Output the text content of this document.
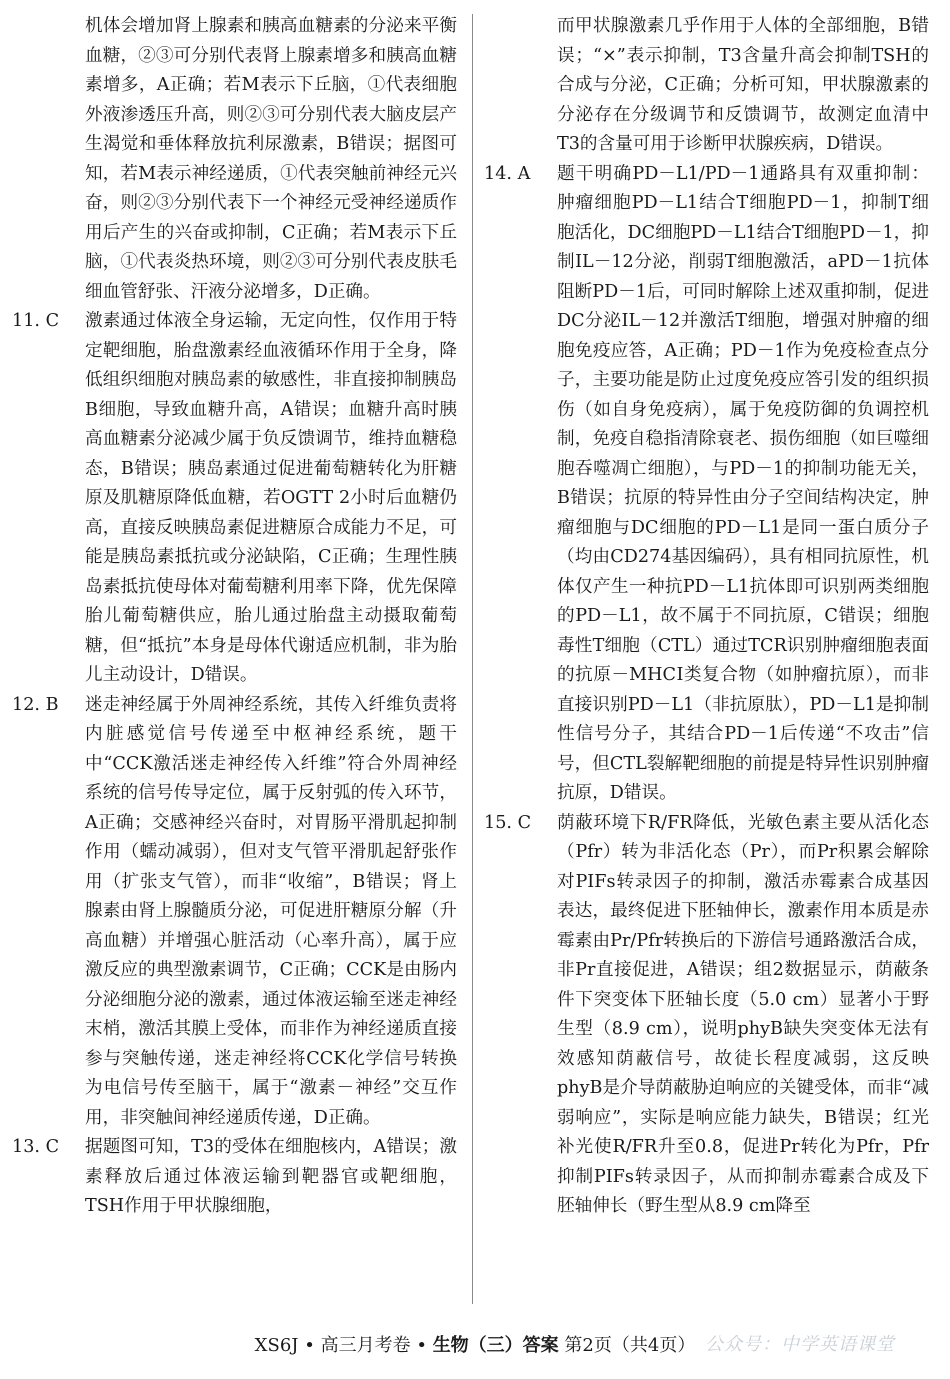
机体会增加肾上腺素和胰高血糖素的分泌来平衡血糖，②③可分别代表肾上腺素增多和胰高血糖素增多，A正确；若M表示下丘脑，①代表细胞外液渗透压升高，则②③可分别代表大脑皮层产生渴觉和垂体释放抗利尿激素，B错误；据图可知，若M表示神经递质，①代表突触前神经元兴奋，则②③分别代表下一个神经元受神经递质作用后产生的兴奋或抑制，C正确；若M表示下丘脑，①代表炎热环境，则②③可分别代表皮肤毛细血管舒张、汗液分泌增多，D正确。

11. C	激素通过体液全身运输，无定向性，仅作用于特定靶细胞，胎盘激素经血液循环作用于全身，降低组织细胞对胰岛素的敏感性，非直接抑制胰岛B细胞，导致血糖升高，A错误；血糖升高时胰高血糖素分泌减少属于负反馈调节，维持血糖稳态，B错误；胰岛素通过促进葡萄糖转化为肝糖原及肌糖原降低血糖，若OGTT 2小时后血糖仍高，直接反映胰岛素促进糖原合成能力不足，可能是胰岛素抵抗或分泌缺陷，C正确；生理性胰岛素抵抗使母体对葡萄糖利用率下降，优先保障胎儿葡萄糖供应，胎儿通过胎盘主动摄取葡萄糖，但“抵抗”本身是母体代谢适应机制，非为胎儿主动设计，D错误。

12. B	迷走神经属于外周神经系统，其传入纤维负责将内脏感觉信号传递至中枢神经系统，题干中“CCK激活迷走神经传入纤维”符合外周神经系统的信号传导定位，属于反射弧的传入环节，A正确；交感神经兴奋时，对胃肠平滑肌起抑制作用（蠕动减弱），但对支气管平滑肌起舒张作用（扩张支气管），而非“收缩”，B错误；肾上腺素由肾上腺髓质分泌，可促进肝糖原分解（升高血糖）并增强心脏活动（心率升高），属于应激反应的典型激素调节，C正确；CCK是由肠内分泌细胞分泌的激素，通过体液运输至迷走神经末梢，激活其膜上受体，而非作为神经递质直接参与突触传递，迷走神经将CCK化学信号转换为电信号传至脑干，属于“激素－神经”交互作用，非突触间神经递质传递，D正确。

13. C	据题图可知，T3的受体在细胞核内，A错误；激素释放后通过体液运输到靶器官或靶细胞，TSH作用于甲状腺细胞，

而甲状腺激素几乎作用于人体的全部细胞，B错误；“×”表示抑制，T3含量升高会抑制TSH的合成与分泌，C正确；分析可知，甲状腺激素的分泌存在分级调节和反馈调节，故测定血清中T3的含量可用于诊断甲状腺疾病，D错误。

14. A	题干明确PD－L1/PD－1通路具有双重抑制：肿瘤细胞PD－L1结合T细胞PD－1，抑制T细胞活化，DC细胞PD－L1结合T细胞PD－1，抑制IL－12分泌，削弱T细胞激活，aPD－1抗体阻断PD－1后，可同时解除上述双重抑制，促进DC分泌IL－12并激活T细胞，增强对肿瘤的细胞免疫应答，A正确；PD－1作为免疫检查点分子，主要功能是防止过度免疫应答引发的组织损伤（如自身免疫病），属于免疫防御的负调控机制，免疫自稳指清除衰老、损伤细胞（如巨噬细胞吞噬凋亡细胞），与PD－1的抑制功能无关，B错误；抗原的特异性由分子空间结构决定，肿瘤细胞与DC细胞的PD－L1是同一蛋白质分子（均由CD274基因编码），具有相同抗原性，机体仅产生一种抗PD－L1抗体即可识别两类细胞的PD－L1，故不属于不同抗原，C错误；细胞毒性T细胞（CTL）通过TCR识别肿瘤细胞表面的抗原－MHCⅠ类复合物（如肿瘤抗原），而非直接识别PD－L1（非抗原肽），PD－L1是抑制性信号分子，其结合PD－1后传递“不攻击”信号，但CTL裂解靶细胞的前提是特异性识别肿瘤抗原，D错误。

15. C	荫蔽环境下R/FR降低，光敏色素主要从活化态（Pfr）转为非活化态（Pr），而Pr积累会解除对PIFs转录因子的抑制，激活赤霉素合成基因表达，最终促进下胚轴伸长，激素作用本质是赤霉素由Pr/Pfr转换后的下游信号通路激活合成，非Pr直接促进，A错误；组2数据显示，荫蔽条件下突变体下胚轴长度（5.0 cm）显著小于野生型（8.9 cm），说明phyB缺失突变体无法有效感知荫蔽信号，故徒长程度减弱，这反映phyB是介导荫蔽胁迫响应的关键受体，而非“减弱响应”，实际是响应能力缺失，B错误；红光补光使R/FR升至0.8，促进Pr转化为Pfr，Pfr抑制PIFs转录因子，从而抑制赤霉素合成及下胚轴伸长（野生型从8.9 cm降至

XS6J • 高三月考卷 • 生物（三）答案 第2页（共4页） 公众号：中学英语课堂
